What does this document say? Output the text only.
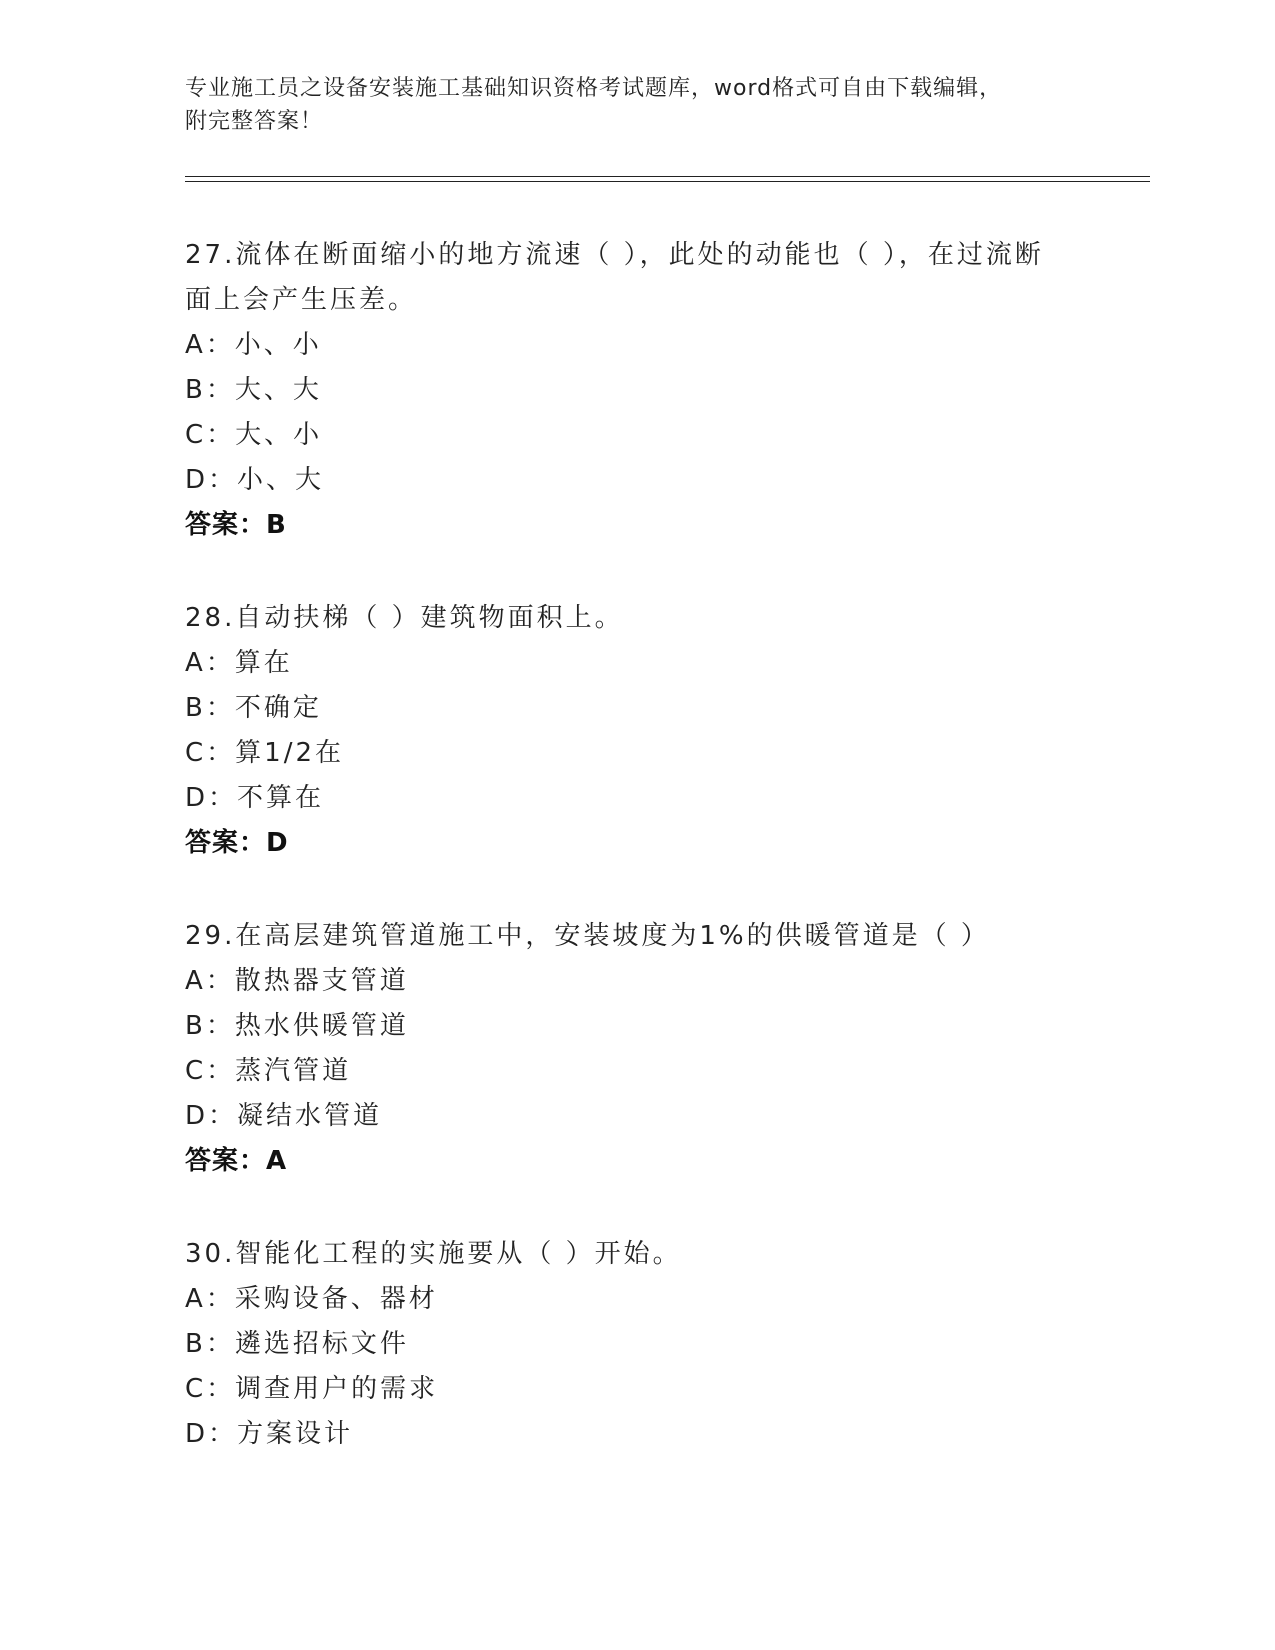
专业施工员之设备安装施工基础知识资格考试题库，word格式可自由下载编辑，
附完整答案！

27.流体在断面缩小的地方流速（ ），此处的动能也（ ），在过流断

面上会产生压差。

A：小、小

B：大、大

C：大、小

D：小、大

答案：B

28.自动扶梯（ ）建筑物面积上。

A：算在

B：不确定

C：算1/2在

D：不算在

答案：D

29.在高层建筑管道施工中，安装坡度为1%的供暖管道是（ ）

A：散热器支管道

B：热水供暖管道

C：蒸汽管道

D：凝结水管道

答案：A

30.智能化工程的实施要从（ ）开始。

A：采购设备、器材

B：遴选招标文件

C：调查用户的需求

D：方案设计
